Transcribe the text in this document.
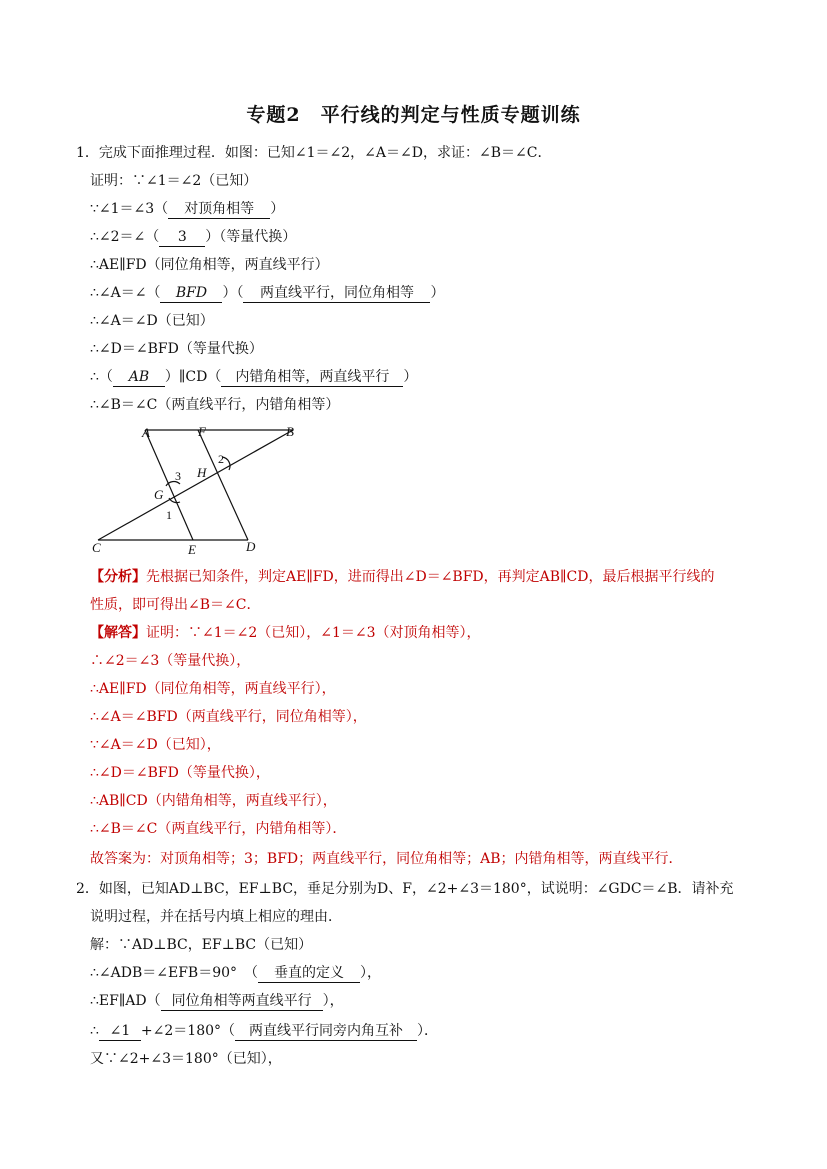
专题2　平行线的判定与性质专题训练
1．完成下面推理过程．如图：已知∠1＝∠2，∠A＝∠D，求证：∠B＝∠C．
证明：∵∠1＝∠2（已知）
∵∠1＝∠3（ 对顶角相等 ）
∴∠2＝∠（ 3 ）（等量代换）
∴AE∥FD（同位角相等，两直线平行）
∴∠A＝∠（ BFD ）（ 两直线平行，同位角相等 ）
∴∠A＝∠D（已知）
∴∠D＝∠BFD（等量代换）
∴（ AB ）∥CD（ 内错角相等，两直线平行 ）
∴∠B＝∠C（两直线平行，内错角相等）
A	F	B
H
G
C	E	D
3
2
1
【分析】先根据已知条件，判定AE∥FD，进而得出∠D＝∠BFD，再判定AB∥CD，最后根据平行线的
性质，即可得出∠B＝∠C．
【解答】证明：∵∠1＝∠2（已知），∠1＝∠3（对顶角相等），
∴∠2＝∠3（等量代换），
∴AE∥FD（同位角相等，两直线平行），
∴∠A＝∠BFD（两直线平行，同位角相等），
∵∠A＝∠D（已知），
∴∠D＝∠BFD（等量代换），
∴AB∥CD（内错角相等，两直线平行），
∴∠B＝∠C（两直线平行，内错角相等）．
故答案为：对顶角相等；3；BFD；两直线平行，同位角相等；AB；内错角相等，两直线平行．
2．如图，已知AD⊥BC，EF⊥BC，垂足分别为D、F，∠2+∠3＝180°，试说明：∠GDC＝∠B．请补充
说明过程，并在括号内填上相应的理由．
解：∵AD⊥BC，EF⊥BC（已知）
∴∠ADB＝∠EFB＝90°　（ 垂直的定义 ），
∴EF∥AD（ 同位角相等两直线平行 ），
∴ ∠1 +∠2＝180°（ 两直线平行同旁内角互补 ）．
又∵∠2+∠3＝180°（已知），
